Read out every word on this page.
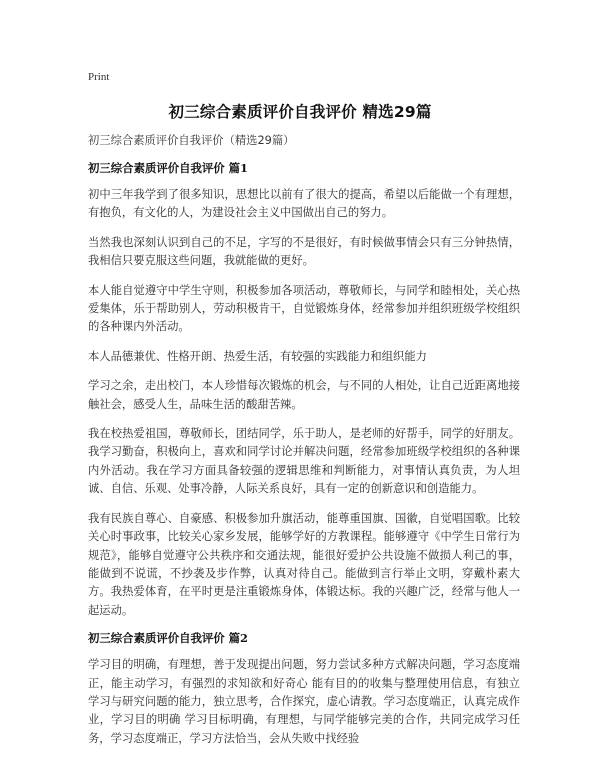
Print
初三综合素质评价自我评价 精选29篇

初三综合素质评价自我评价（精选29篇）

初三综合素质评价自我评价 篇1

初中三年我学到了很多知识，思想比以前有了很大的提高，希望以后能做一个有理想，有抱负，有文化的人，为建设社会主义中国做出自己的努力。

当然我也深刻认识到自己的不足，字写的不是很好，有时候做事情会只有三分钟热情，我相信只要克服这些问题，我就能做的更好。

本人能自觉遵守中学生守则，积极参加各项活动，尊敬师长，与同学和睦相处，关心热爱集体，乐于帮助别人，劳动积极肯干，自觉锻炼身体，经常参加并组织班级学校组织的各种课内外活动。

本人品德兼优、性格开朗、热爱生活，有较强的实践能力和组织能力

学习之余，走出校门，本人珍惜每次锻炼的机会，与不同的人相处，让自己近距离地接触社会，感受人生，品味生活的酸甜苦辣。

我在校热爱祖国，尊敬师长，团结同学，乐于助人，是老师的好帮手，同学的好朋友。我学习勤奋，积极向上，喜欢和同学讨论并解决问题，经常参加班级学校组织的各种课内外活动。我在学习方面具备较强的逻辑思维和判断能力，对事情认真负责，为人坦诚、自信、乐观、处事冷静，人际关系良好，具有一定的创新意识和创造能力。

我有民族自尊心、自豪感、积极参加升旗活动，能尊重国旗、国徽，自觉唱国歌。比较关心时事政事，比较关心家乡发展，能够学好的方教课程。能够遵守《中学生日常行为规范》，能够自觉遵守公共秩序和交通法规，能很好爱护公共设施不做损人利己的事，能做到不说谎，不抄袭及步作弊，认真对待自己。能做到言行举止文明，穿戴朴素大方。我热爱体育，在平时更是注重锻炼身体，体锻达标。我的兴趣广泛，经常与他人一起运动。

初三综合素质评价自我评价 篇2

学习目的明确，有理想，善于发现提出问题，努力尝试多种方式解决问题，学习态度端正，能主动学习，有强烈的求知欲和好奇心 能有目的的收集与整理使用信息，有独立学习与研究问题的能力，独立思考，合作探究，虚心请教。学习态度端正，认真完成作业，学习目的明确 学习目标明确，有理想，与同学能够完美的合作，共同完成学习任务，学习态度端正，学习方法恰当，会从失败中找经验
